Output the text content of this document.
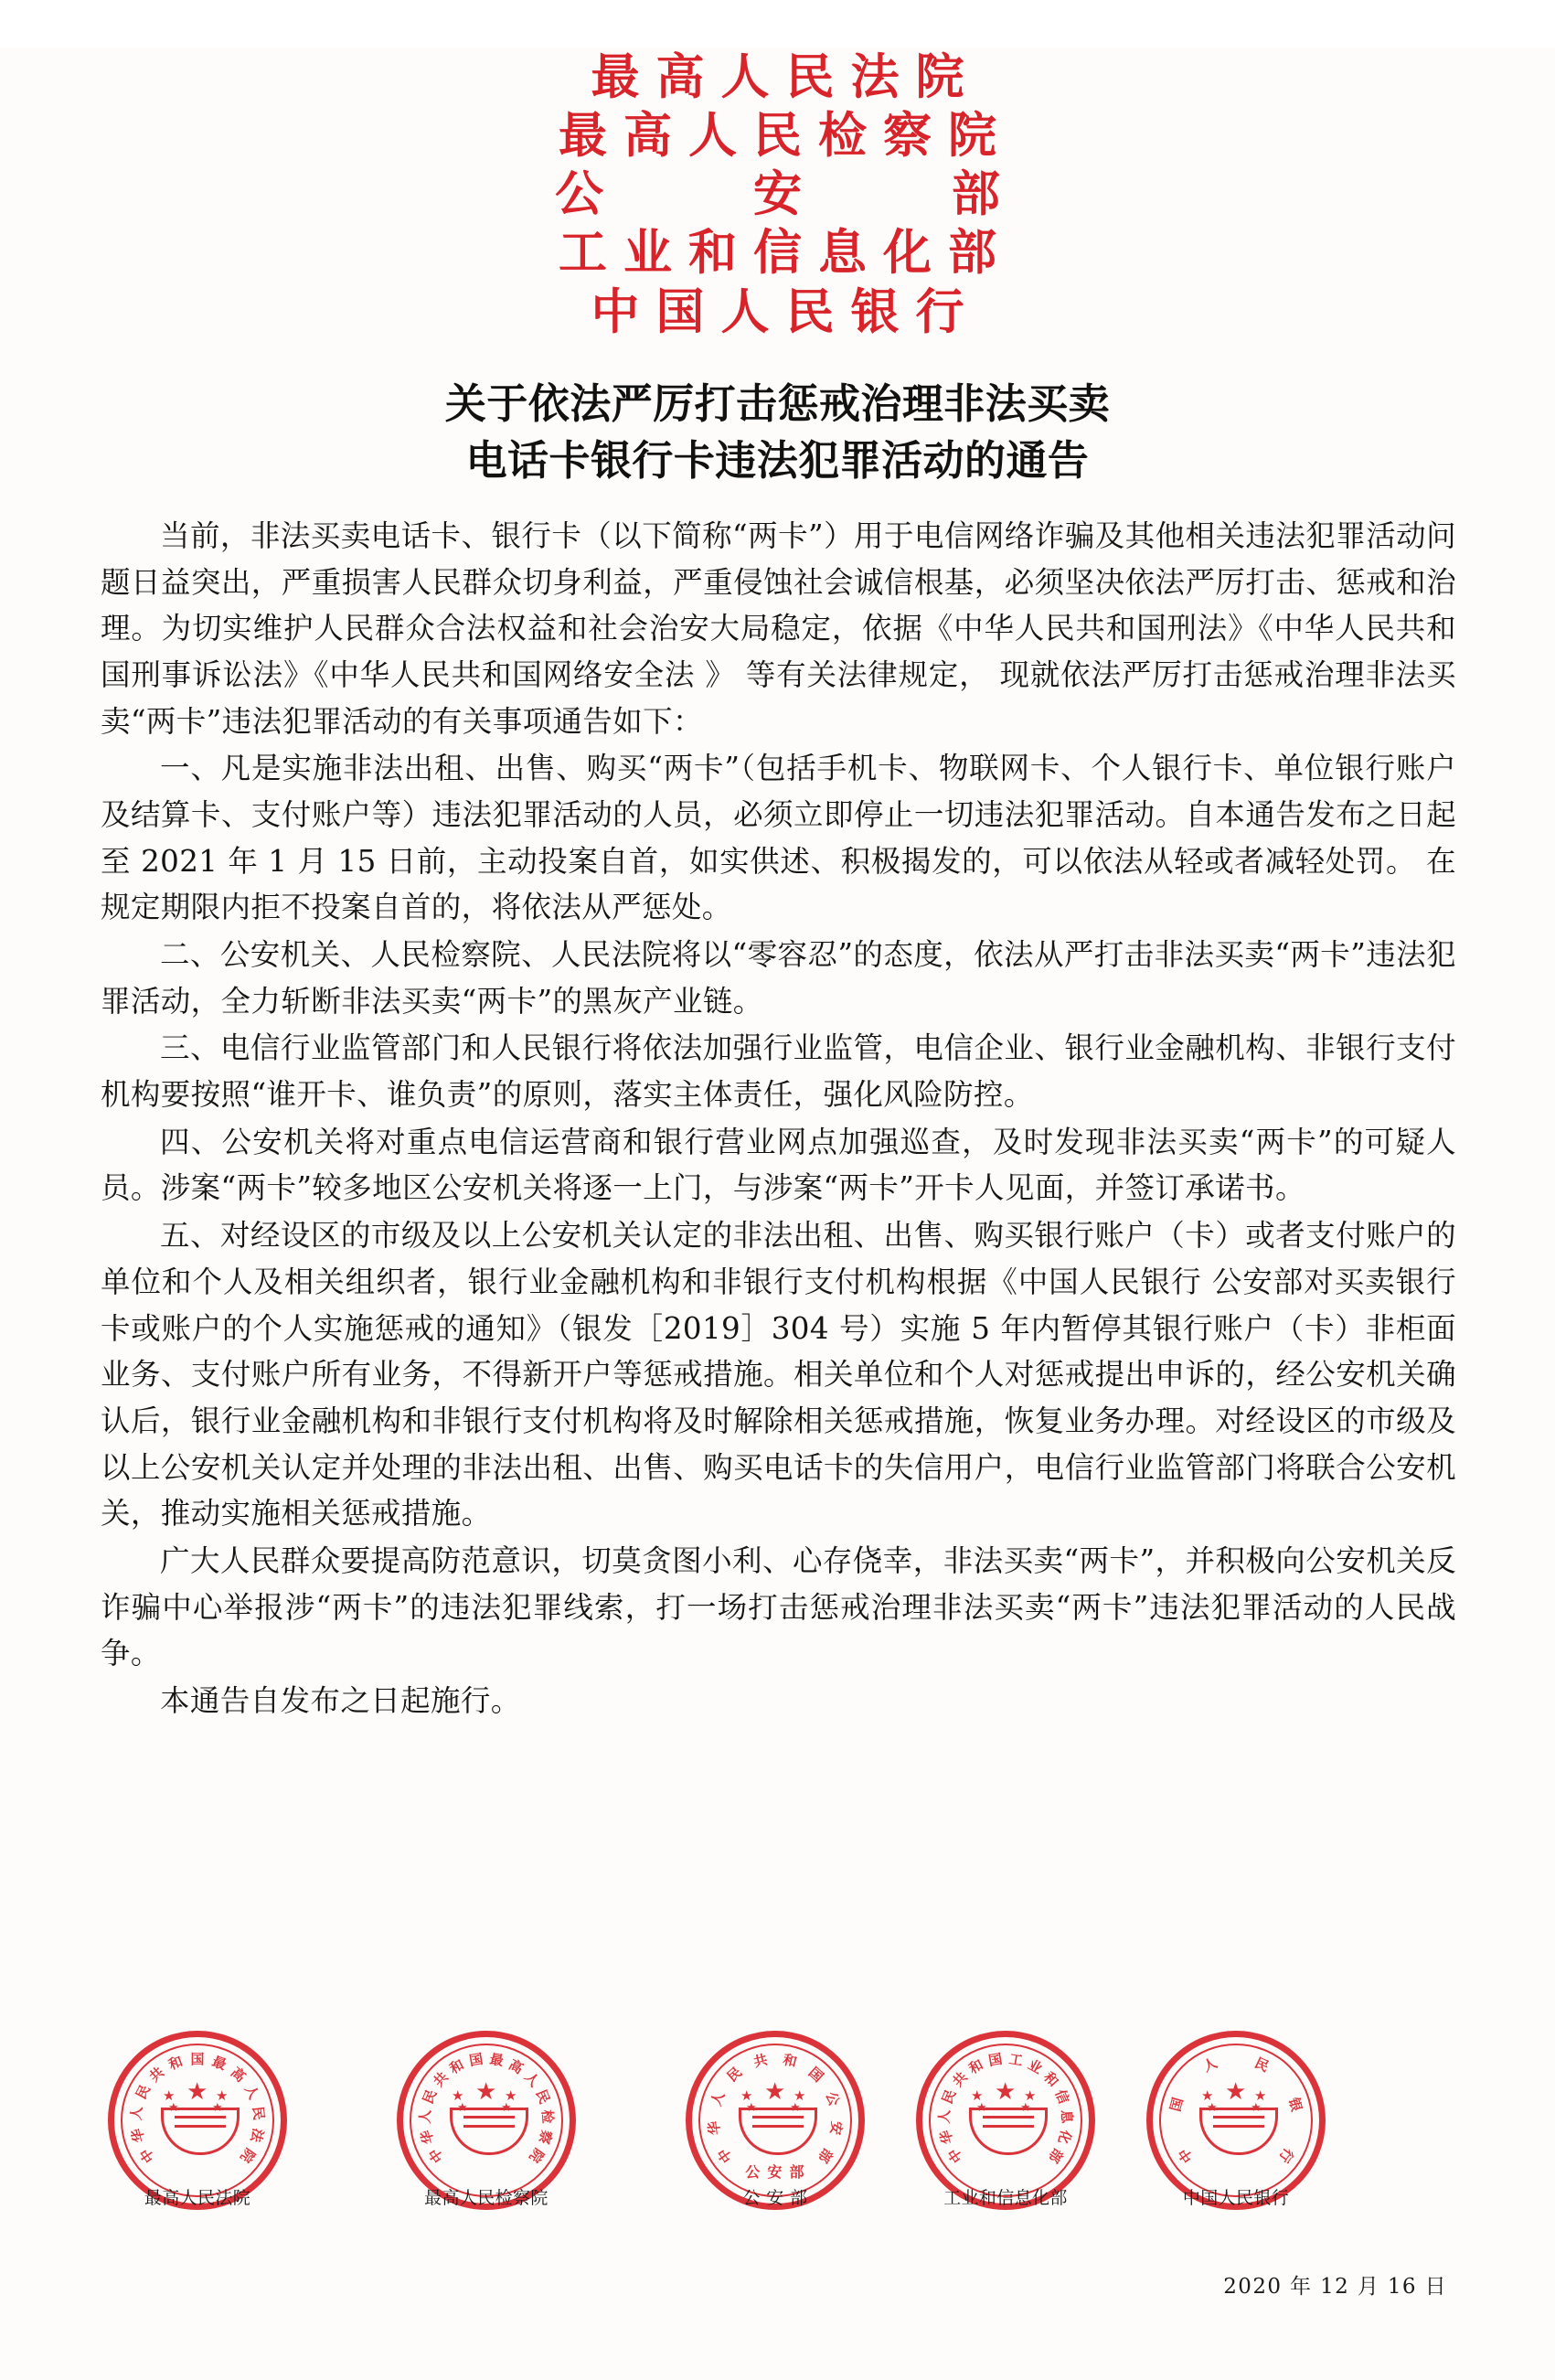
最高人民法院
最高人民检察院
公    安    部
工业和信息化部
中国人民银行
关于依法严厉打击惩戒治理非法买卖
电话卡银行卡违法犯罪活动的通告

当前，非法买卖电话卡、银行卡（以下简称“两卡”）用于电信网络诈骗及其他相关违法犯罪活动问题日益突出，严重损害人民群众切身利益，严重侵蚀社会诚信根基，必须坚决依法严厉打击、惩戒和治理。为切实维护人民群众合法权益和社会治安大局稳定，依据《中华人民共和国刑法》《中华人民共和国刑事诉讼法》《中华人民共和国网络安全法 》 等有关法律规定， 现就依法严厉打击惩戒治理非法买卖“两卡”违法犯罪活动的有关事项通告如下：

一、凡是实施非法出租、出售、购买“两卡”（包括手机卡、物联网卡、个人银行卡、单位银行账户及结算卡、支付账户等）违法犯罪活动的人员，必须立即停止一切违法犯罪活动。自本通告发布之日起至 2021 年 1 月 15 日前，主动投案自首，如实供述、积极揭发的，可以依法从轻或者减轻处罚。 在规定期限内拒不投案自首的，将依法从严惩处。

二、公安机关、人民检察院、人民法院将以“零容忍”的态度，依法从严打击非法买卖“两卡”违法犯罪活动，全力斩断非法买卖“两卡”的黑灰产业链。

三、电信行业监管部门和人民银行将依法加强行业监管，电信企业、银行业金融机构、非银行支付机构要按照“谁开卡、谁负责”的原则，落实主体责任，强化风险防控。

四、公安机关将对重点电信运营商和银行营业网点加强巡查，及时发现非法买卖“两卡”的可疑人员。涉案“两卡”较多地区公安机关将逐一上门，与涉案“两卡”开卡人见面，并签订承诺书。

五、对经设区的市级及以上公安机关认定的非法出租、出售、购买银行账户（卡）或者支付账户的单位和个人及相关组织者，银行业金融机构和非银行支付机构根据《中国人民银行 公安部对买卖银行卡或账户的个人实施惩戒的通知》（银发［2019］304 号）实施 5 年内暂停其银行账户（卡）非柜面业务、支付账户所有业务，不得新开户等惩戒措施。相关单位和个人对惩戒提出申诉的，经公安机关确认后，银行业金融机构和非银行支付机构将及时解除相关惩戒措施，恢复业务办理。对经设区的市级及以上公安机关认定并处理的非法出租、出售、购买电话卡的失信用户，电信行业监管部门将联合公安机关，推动实施相关惩戒措施。

广大人民群众要提高防范意识，切莫贪图小利、心存侥幸，非法买卖“两卡”，并积极向公安机关反诈骗中心举报涉“两卡”的违法犯罪线索，打一场打击惩戒治理非法买卖“两卡”违法犯罪活动的人民战争。

本通告自发布之日起施行。

中
华
人
民
共
和 国 最
高
人
民
法
院
★
★	★
★	★
最高人民法院
中
华
人
民
共
和 国 最 高
人
民
检
察
院
★
★	★
★	★
最高人民检察院
中
华
人
民
共 和
国
公
安
部
★
★	★
★	★
公 安 部
公 安 部
中
华
人
民
共
和 国 工 业
和
信
息
化
部
★
★	★
★	★
工业和信息化部
中
国
人 民
银
行
★
★	★
★	★
中国人民银行
2020 年 12 月 16 日
